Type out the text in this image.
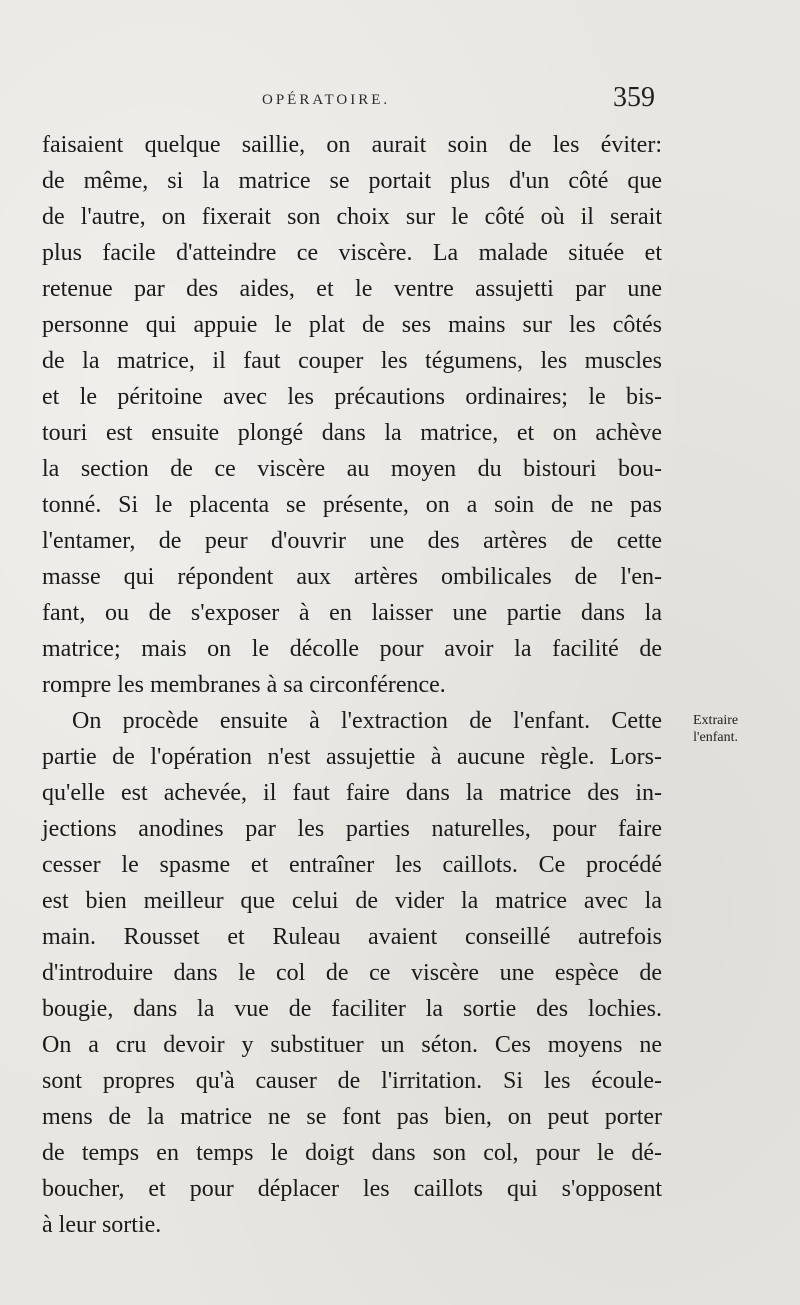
OPÉRATOIRE.	359
faisaient quelque saillie, on aurait soin de les éviter:
de même, si la matrice se portait plus d'un côté que
de l'autre, on fixerait son choix sur le côté où il serait
plus facile d'atteindre ce viscère. La malade située et
retenue par des aides, et le ventre assujetti par une
personne qui appuie le plat de ses mains sur les côtés
de la matrice, il faut couper les tégumens, les muscles
et le péritoine avec les précautions ordinaires; le bis-
touri est ensuite plongé dans la matrice, et on achève
la section de ce viscère au moyen du bistouri bou-
tonné. Si le placenta se présente, on a soin de ne pas
l'entamer, de peur d'ouvrir une des artères de cette
masse qui répondent aux artères ombilicales de l'en-
fant, ou de s'exposer à en laisser une partie dans la
matrice; mais on le décolle pour avoir la facilité de
rompre les membranes à sa circonférence.
On procède ensuite à l'extraction de l'enfant. Cette
partie de l'opération n'est assujettie à aucune règle. Lors-
qu'elle est achevée, il faut faire dans la matrice des in-
jections anodines par les parties naturelles, pour faire
cesser le spasme et entraîner les caillots. Ce procédé
est bien meilleur que celui de vider la matrice avec la
main. Rousset et Ruleau avaient conseillé autrefois
d'introduire dans le col de ce viscère une espèce de
bougie, dans la vue de faciliter la sortie des lochies.
On a cru devoir y substituer un séton. Ces moyens ne
sont propres qu'à causer de l'irritation. Si les écoule-
mens de la matrice ne se font pas bien, on peut porter
de temps en temps le doigt dans son col, pour le dé-
boucher, et pour déplacer les caillots qui s'opposent
à leur sortie.
Extraire
l'enfant.
